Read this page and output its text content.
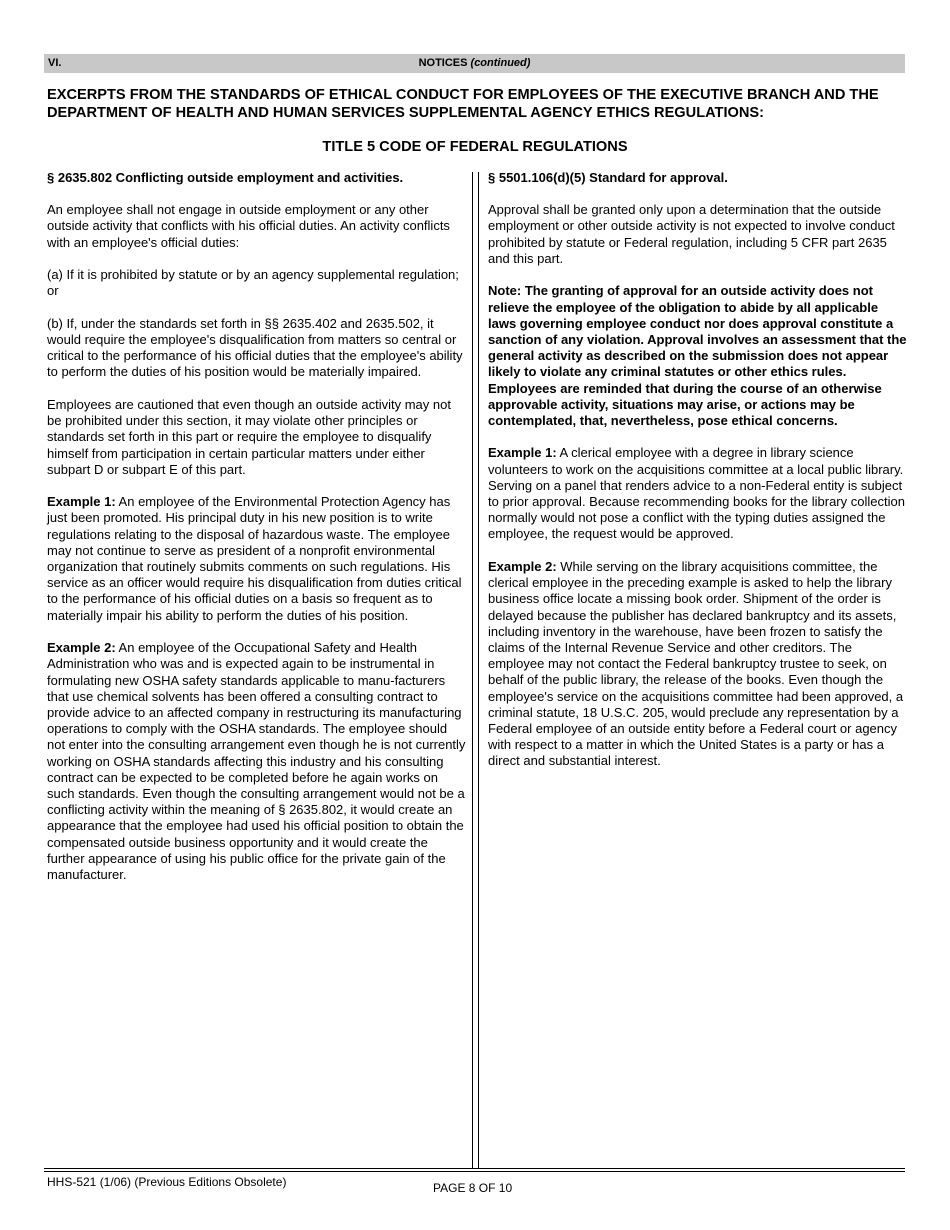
VI.	NOTICES (continued)
EXCERPTS FROM THE STANDARDS OF ETHICAL CONDUCT FOR EMPLOYEES OF THE EXECUTIVE BRANCH AND THE DEPARTMENT OF HEALTH AND HUMAN SERVICES SUPPLEMENTAL AGENCY ETHICS REGULATIONS:
TITLE 5 CODE OF FEDERAL REGULATIONS

§ 2635.802 Conflicting outside employment and activities.

An employee shall not engage in outside employment or any other outside activity that conflicts with his official duties. An activity conflicts with an employee's official duties:

(a) If it is prohibited by statute or by an agency supplemental regulation; or

(b) If, under the standards set forth in §§ 2635.402 and 2635.502, it would require the employee's disqualification from matters so central or critical to the performance of his official duties that the employee's ability to perform the duties of his position would be materially impaired.

Employees are cautioned that even though an outside activity may not be prohibited under this section, it may violate other principles or standards set forth in this part or require the employee to disqualify himself from participation in certain particular matters under either subpart D or subpart E of this part.

Example 1: An employee of the Environmental Protection Agency has just been promoted. His principal duty in his new position is to write regulations relating to the disposal of hazardous waste. The employee may not continue to serve as president of a nonprofit environmental organization that routinely submits comments on such regulations. His service as an officer would require his disqualification from duties critical to the performance of his official duties on a basis so frequent as to materially impair his ability to perform the duties of his position.

Example 2: An employee of the Occupational Safety and Health Administration who was and is expected again to be instrumental in formulating new OSHA safety standards applicable to manu-facturers that use chemical solvents has been offered a consulting contract to provide advice to an affected company in restructuring its manufacturing operations to comply with the OSHA standards. The employee should not enter into the consulting arrangement even though he is not currently working on OSHA standards affecting this industry and his consulting contract can be expected to be completed before he again works on such standards. Even though the consulting arrangement would not be a conflicting activity within the meaning of § 2635.802, it would create an appearance that the employee had used his official position to obtain the compensated outside business opportunity and it would create the further appearance of using his public office for the private gain of the manufacturer.

§ 5501.106(d)(5) Standard for approval.

Approval shall be granted only upon a determination that the outside employment or other outside activity is not expected to involve conduct prohibited by statute or Federal regulation, including 5 CFR part 2635 and this part.

Note: The granting of approval for an outside activity does not relieve the employee of the obligation to abide by all applicable laws governing employee conduct nor does approval constitute a sanction of any violation. Approval involves an assessment that the general activity as described on the submission does not appear likely to violate any criminal statutes or other ethics rules. Employees are reminded that during the course of an otherwise approvable activity, situations may arise, or actions may be contemplated, that, nevertheless, pose ethical concerns.

Example 1: A clerical employee with a degree in library science volunteers to work on the acquisitions committee at a local public library. Serving on a panel that renders advice to a non-Federal entity is subject to prior approval. Because recommending books for the library collection normally would not pose a conflict with the typing duties assigned the employee, the request would be approved.

Example 2: While serving on the library acquisitions committee, the clerical employee in the preceding example is asked to help the library business office locate a missing book order. Shipment of the order is delayed because the publisher has declared bankruptcy and its assets, including inventory in the warehouse, have been frozen to satisfy the claims of the Internal Revenue Service and other creditors. The employee may not contact the Federal bankruptcy trustee to seek, on behalf of the public library, the release of the books. Even though the employee's service on the acquisitions committee had been approved, a criminal statute, 18 U.S.C. 205, would preclude any representation by a Federal employee of an outside entity before a Federal court or agency with respect to a matter in which the United States is a party or has a direct and substantial interest.

HHS-521 (1/06) (Previous Editions Obsolete)	PAGE 8 OF 10
